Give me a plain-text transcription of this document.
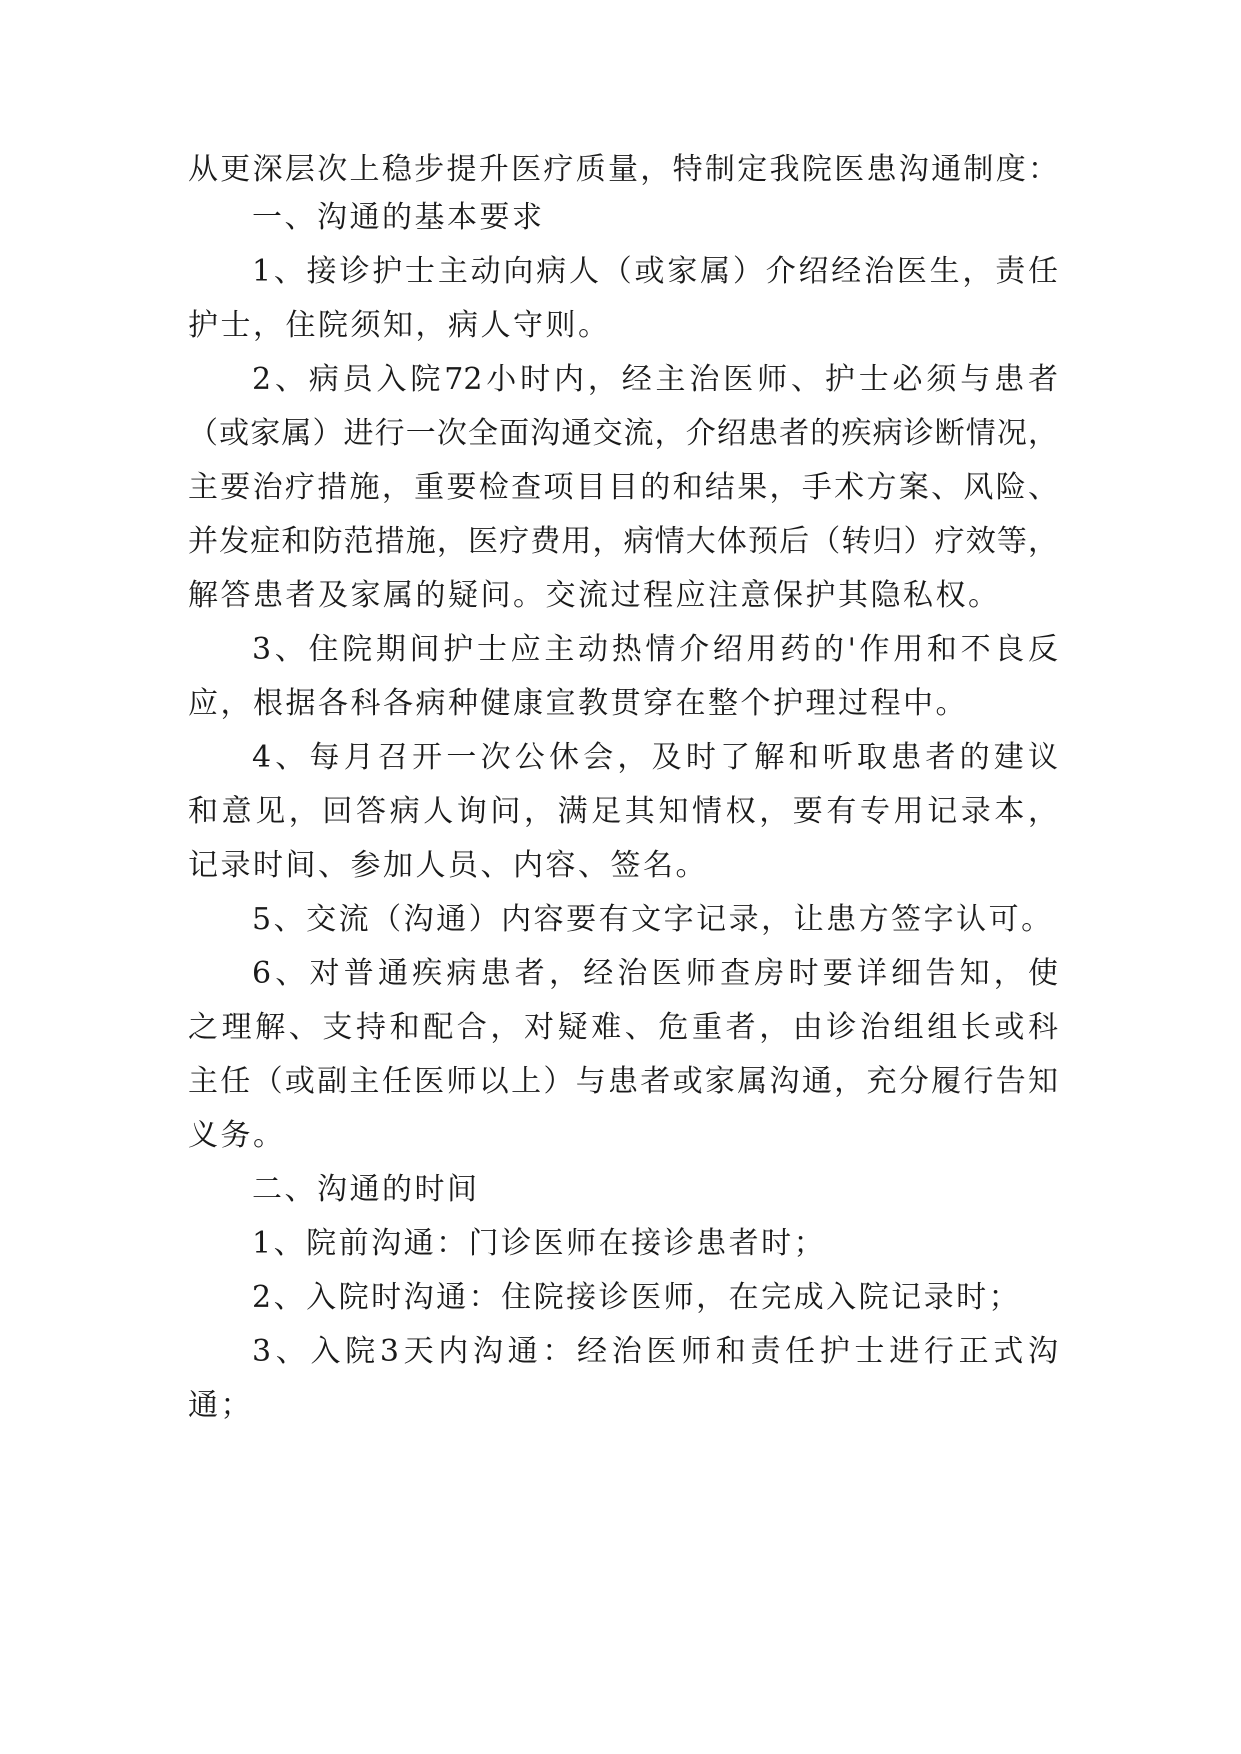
从更深层次上稳步提升医疗质量，特制定我院医患沟通制度：
一、沟通的基本要求
1、接诊护士主动向病人（或家属）介绍经治医生，责任
护士，住院须知，病人守则。
2、病员入院72小时内，经主治医师、护士必须与患者
（或家属）进行一次全面沟通交流，介绍患者的疾病诊断情况，
主要治疗措施，重要检查项目目的和结果，手术方案、风险、
并发症和防范措施，医疗费用，病情大体预后（转归）疗效等，
解答患者及家属的疑问。交流过程应注意保护其隐私权。
3、住院期间护士应主动热情介绍用药的'作用和不良反
应，根据各科各病种健康宣教贯穿在整个护理过程中。
4、每月召开一次公休会，及时了解和听取患者的建议
和意见，回答病人询问，满足其知情权，要有专用记录本，
记录时间、参加人员、内容、签名。
5、交流（沟通）内容要有文字记录，让患方签字认可。
6、对普通疾病患者，经治医师查房时要详细告知，使
之理解、支持和配合，对疑难、危重者，由诊治组组长或科
主任（或副主任医师以上）与患者或家属沟通，充分履行告知
义务。
二、沟通的时间
1、院前沟通：门诊医师在接诊患者时；
2、入院时沟通：住院接诊医师，在完成入院记录时；
3、入院3天内沟通：经治医师和责任护士进行正式沟
通；
